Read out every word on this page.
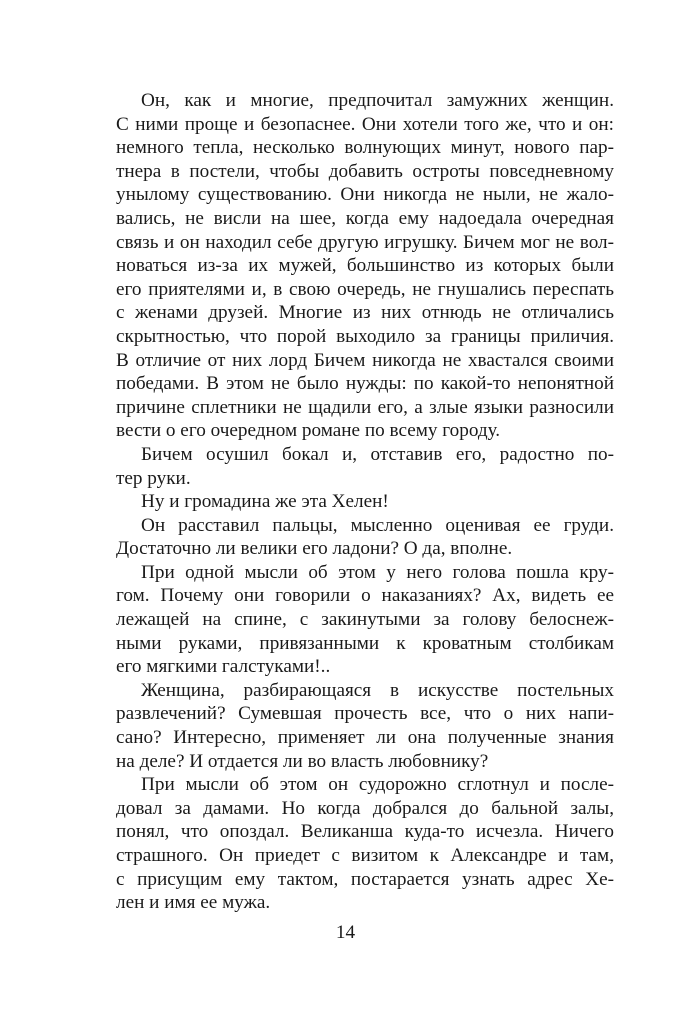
Он, как и многие, предпочитал замужних женщин.
С ними проще и безопаснее. Они хотели того же, что и он:
немного тепла, несколько волнующих минут, нового пар-
тнера в постели, чтобы добавить остроты повседневному
унылому существованию. Они никогда не ныли, не жало-
вались, не висли на шее, когда ему надоедала очередная
связь и он находил себе другую игрушку. Бичем мог не вол-
новаться из-за их мужей, большинство из которых были
его приятелями и, в свою очередь, не гнушались переспать
с женами друзей. Многие из них отнюдь не отличались
скрытностью, что порой выходило за границы приличия.
В отличие от них лорд Бичем никогда не хвастался своими
победами. В этом не было нужды: по какой-то непонятной
причине сплетники не щадили его, а злые языки разносили
вести о его очередном романе по всему городу.
Бичем осушил бокал и, отставив его, радостно по-
тер руки.
Ну и громадина же эта Хелен!
Он расставил пальцы, мысленно оценивая ее груди.
Достаточно ли велики его ладони? О да, вполне.
При одной мысли об этом у него голова пошла кру-
гом. Почему они говорили о наказаниях? Ах, видеть ее
лежащей на спине, с закинутыми за голову белоснеж-
ными руками, привязанными к кроватным столбикам
его мягкими галстуками!..
Женщина, разбирающаяся в искусстве постельных
развлечений? Сумевшая прочесть все, что о них напи-
сано? Интересно, применяет ли она полученные знания
на деле? И отдается ли во власть любовнику?
При мысли об этом он судорожно сглотнул и после-
довал за дамами. Но когда добрался до бальной залы,
понял, что опоздал. Великанша куда-то исчезла. Ничего
страшного. Он приедет с визитом к Александре и там,
с присущим ему тактом, постарается узнать адрес Хе-
лен и имя ее мужа.
14
